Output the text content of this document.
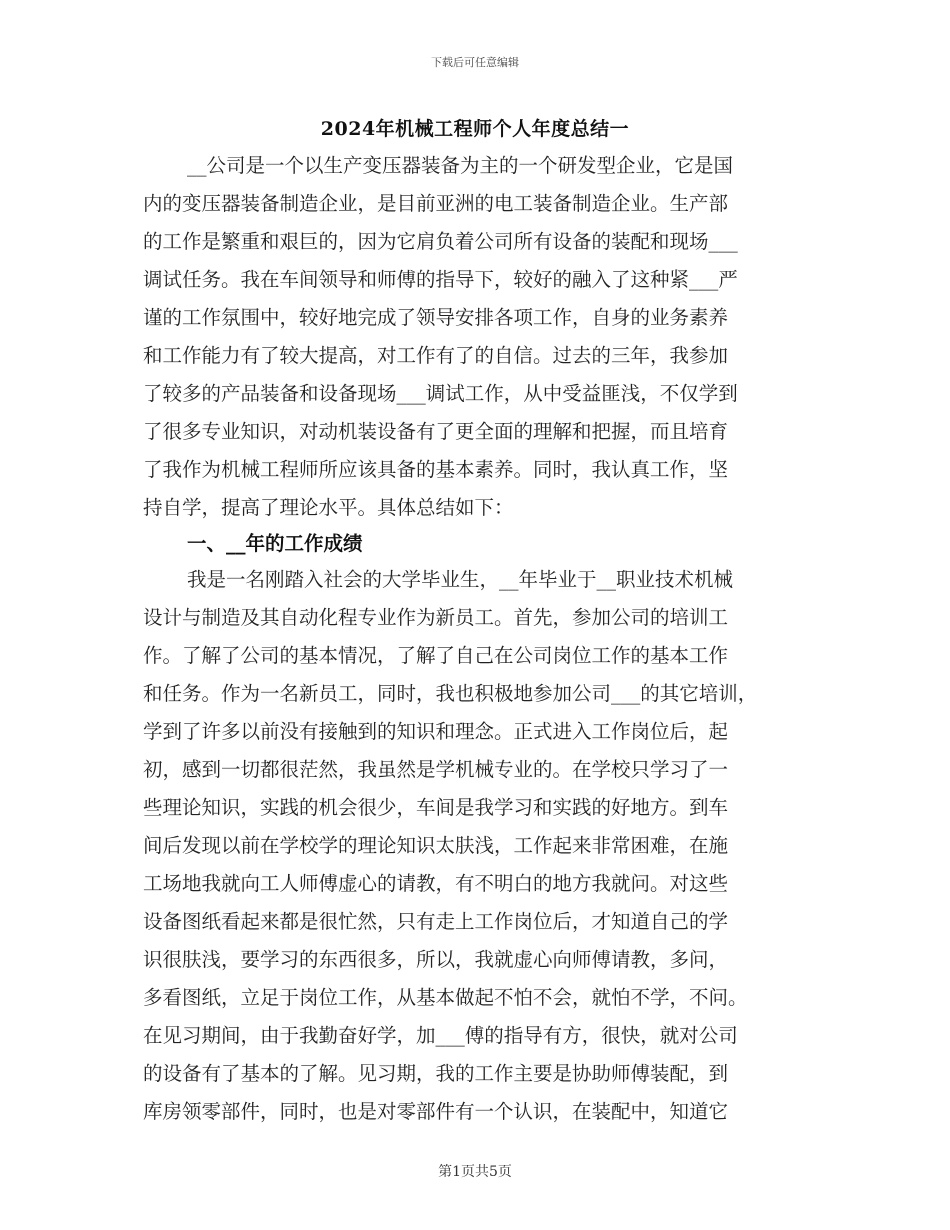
下载后可任意编辑
2024年机械工程师个人年度总结一
__公司是一个以生产变压器装备为主的一个研发型企业，它是国
内的变压器装备制造企业，是目前亚洲的电工装备制造企业。生产部
的工作是繁重和艰巨的，因为它肩负着公司所有设备的装配和现场___
调试任务。我在车间领导和师傅的指导下，较好的融入了这种紧___严
谨的工作氛围中，较好地完成了领导安排各项工作，自身的业务素养
和工作能力有了较大提高，对工作有了的自信。过去的三年，我参加
了较多的产品装备和设备现场___调试工作，从中受益匪浅，不仅学到
了很多专业知识，对动机装设备有了更全面的理解和把握，而且培育
了我作为机械工程师所应该具备的基本素养。同时，我认真工作，坚
持自学，提高了理论水平。具体总结如下：
一、__年的工作成绩
我是一名刚踏入社会的大学毕业生，__年毕业于__职业技术机械
设计与制造及其自动化程专业作为新员工。首先，参加公司的培训工
作。了解了公司的基本情况，了解了自己在公司岗位工作的基本工作
和任务。作为一名新员工，同时，我也积极地参加公司___的其它培训，
学到了许多以前没有接触到的知识和理念。正式进入工作岗位后，起
初，感到一切都很茫然，我虽然是学机械专业的。在学校只学习了一
些理论知识，实践的机会很少，车间是我学习和实践的好地方。到车
间后发现以前在学校学的理论知识太肤浅，工作起来非常困难，在施
工场地我就向工人师傅虚心的请教，有不明白的地方我就问。对这些
设备图纸看起来都是很忙然，只有走上工作岗位后，才知道自己的学
识很肤浅，要学习的东西很多，所以，我就虚心向师傅请教，多问，
多看图纸，立足于岗位工作，从基本做起不怕不会，就怕不学，不问。
在见习期间，由于我勤奋好学，加___傅的指导有方，很快，就对公司
的设备有了基本的了解。见习期，我的工作主要是协助师傅装配，到
库房领零部件，同时，也是对零部件有一个认识，在装配中，知道它
第1页共5页
